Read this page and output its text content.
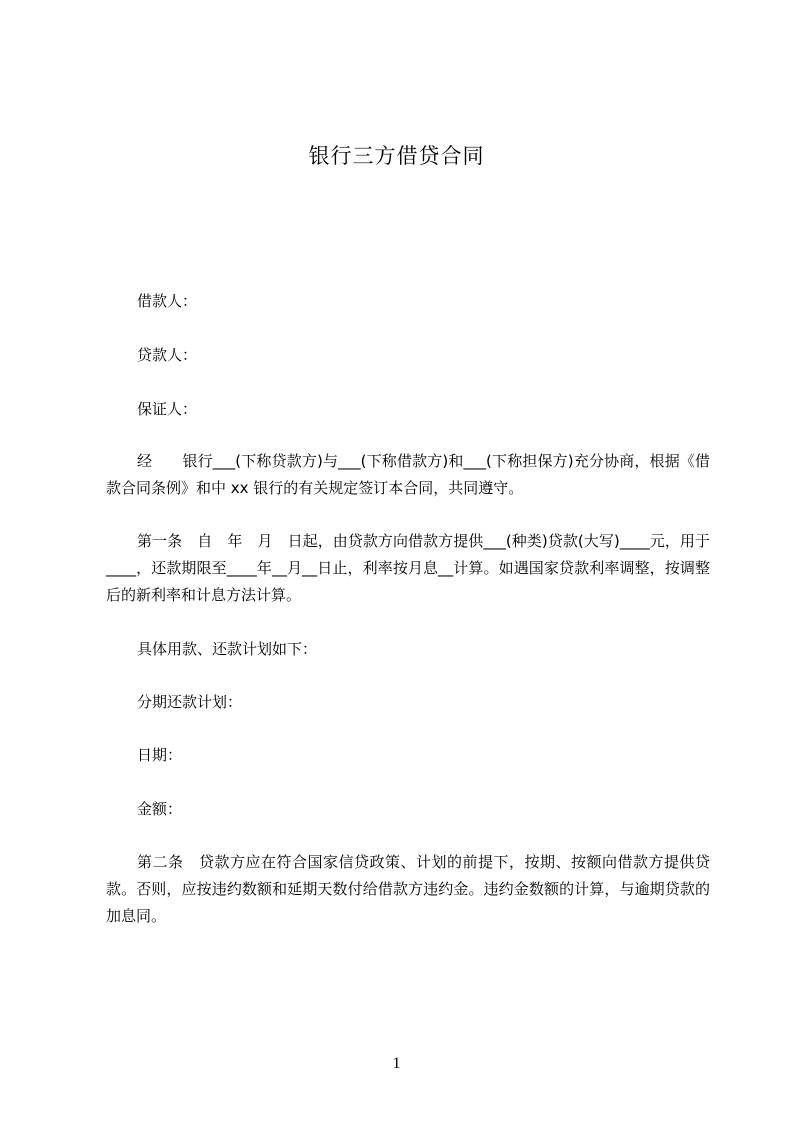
银行三方借贷合同
借款人：
贷款人：
保证人：
经　　银行___(下称贷款方)与___(下称借款方)和___(下称担保方)充分协商，根据《借款合同条例》和中 xx 银行的有关规定签订本合同，共同遵守。
第一条　自　年　月　日起，由贷款方向借款方提供___(种类)贷款(大写)____元，用于____，还款期限至____年__月__日止，利率按月息__计算。如遇国家贷款利率调整，按调整后的新利率和计息方法计算。
具体用款、还款计划如下：
分期还款计划：
日期：
金额：
第二条　贷款方应在符合国家信贷政策、计划的前提下，按期、按额向借款方提供贷款。否则，应按违约数额和延期天数付给借款方违约金。违约金数额的计算，与逾期贷款的加息同。
1
